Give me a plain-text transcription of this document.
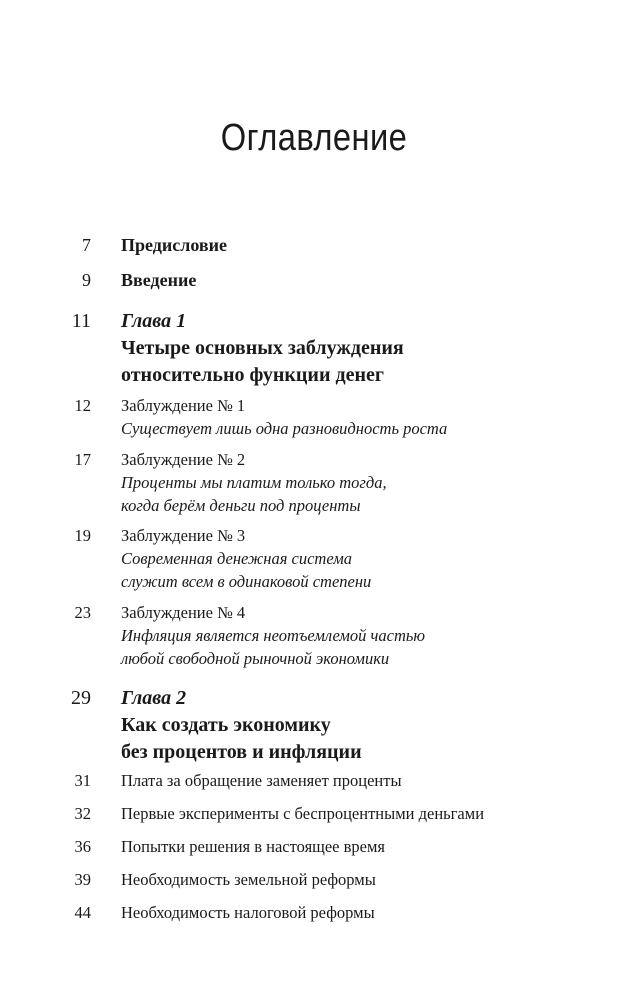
Оглавление
7 Предисловие
9 Введение
11 Глава 1
Четыре основных заблуждения
относительно функции денег
12 Заблуждение № 1
Существует лишь одна разновидность роста
17 Заблуждение № 2
Проценты мы платим только тогда,
когда берём деньги под проценты
19 Заблуждение № 3
Современная денежная система
служит всем в одинаковой степени
23 Заблуждение № 4
Инфляция является неотъемлемой частью
любой свободной рыночной экономики
29 Глава 2
Как создать экономику
без процентов и инфляции
31 Плата за обращение заменяет проценты
32 Первые эксперименты с беспроцентными деньгами
36 Попытки решения в настоящее время
39 Необходимость земельной реформы
44 Необходимость налоговой реформы
